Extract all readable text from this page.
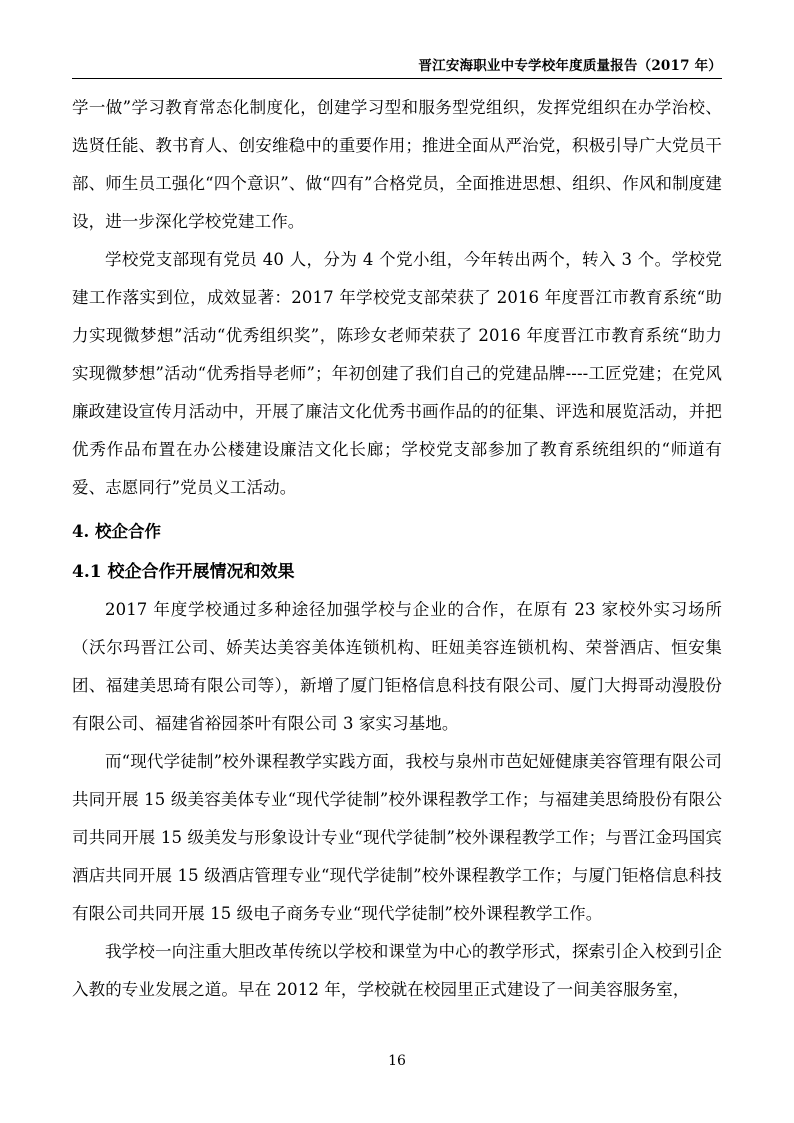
晋江安海职业中专学校年度质量报告（2017 年）

学一做”学习教育常态化制度化，创建学习型和服务型党组织，发挥党组织在办学治校、选贤任能、教书育人、创安维稳中的重要作用；推进全面从严治党，积极引导广大党员干部、师生员工强化“四个意识”、做“四有”合格党员，全面推进思想、组织、作风和制度建设，进一步深化学校党建工作。

学校党支部现有党员 40 人，分为 4 个党小组，今年转出两个，转入 3 个。学校党建工作落实到位，成效显著：2017 年学校党支部荣获了 2016 年度晋江市教育系统“助力实现微梦想”活动“优秀组织奖”，陈珍女老师荣获了 2016 年度晋江市教育系统“助力实现微梦想”活动“优秀指导老师”；年初创建了我们自己的党建品牌----工匠党建；在党风廉政建设宣传月活动中，开展了廉洁文化优秀书画作品的的征集、评选和展览活动，并把优秀作品布置在办公楼建设廉洁文化长廊；学校党支部参加了教育系统组织的“师道有爱、志愿同行”党员义工活动。

4. 校企合作
4.1 校企合作开展情况和效果

2017 年度学校通过多种途径加强学校与企业的合作，在原有 23 家校外实习场所（沃尔玛晋江公司、娇芙达美容美体连锁机构、旺妞美容连锁机构、荣誉酒店、恒安集团、福建美思琦有限公司等），新增了厦门钜格信息科技有限公司、厦门大拇哥动漫股份有限公司、福建省裕园茶叶有限公司 3 家实习基地。

而“现代学徒制”校外课程教学实践方面，我校与泉州市芭妃娅健康美容管理有限公司共同开展 15 级美容美体专业“现代学徒制”校外课程教学工作；与福建美思绮股份有限公司共同开展 15 级美发与形象设计专业“现代学徒制”校外课程教学工作；与晋江金玛国宾酒店共同开展 15 级酒店管理专业“现代学徒制”校外课程教学工作；与厦门钜格信息科技有限公司共同开展 15 级电子商务专业“现代学徒制”校外课程教学工作。

我学校一向注重大胆改革传统以学校和课堂为中心的教学形式，探索引企入校到引企入教的专业发展之道。早在 2012 年，学校就在校园里正式建设了一间美容服务室，

16
